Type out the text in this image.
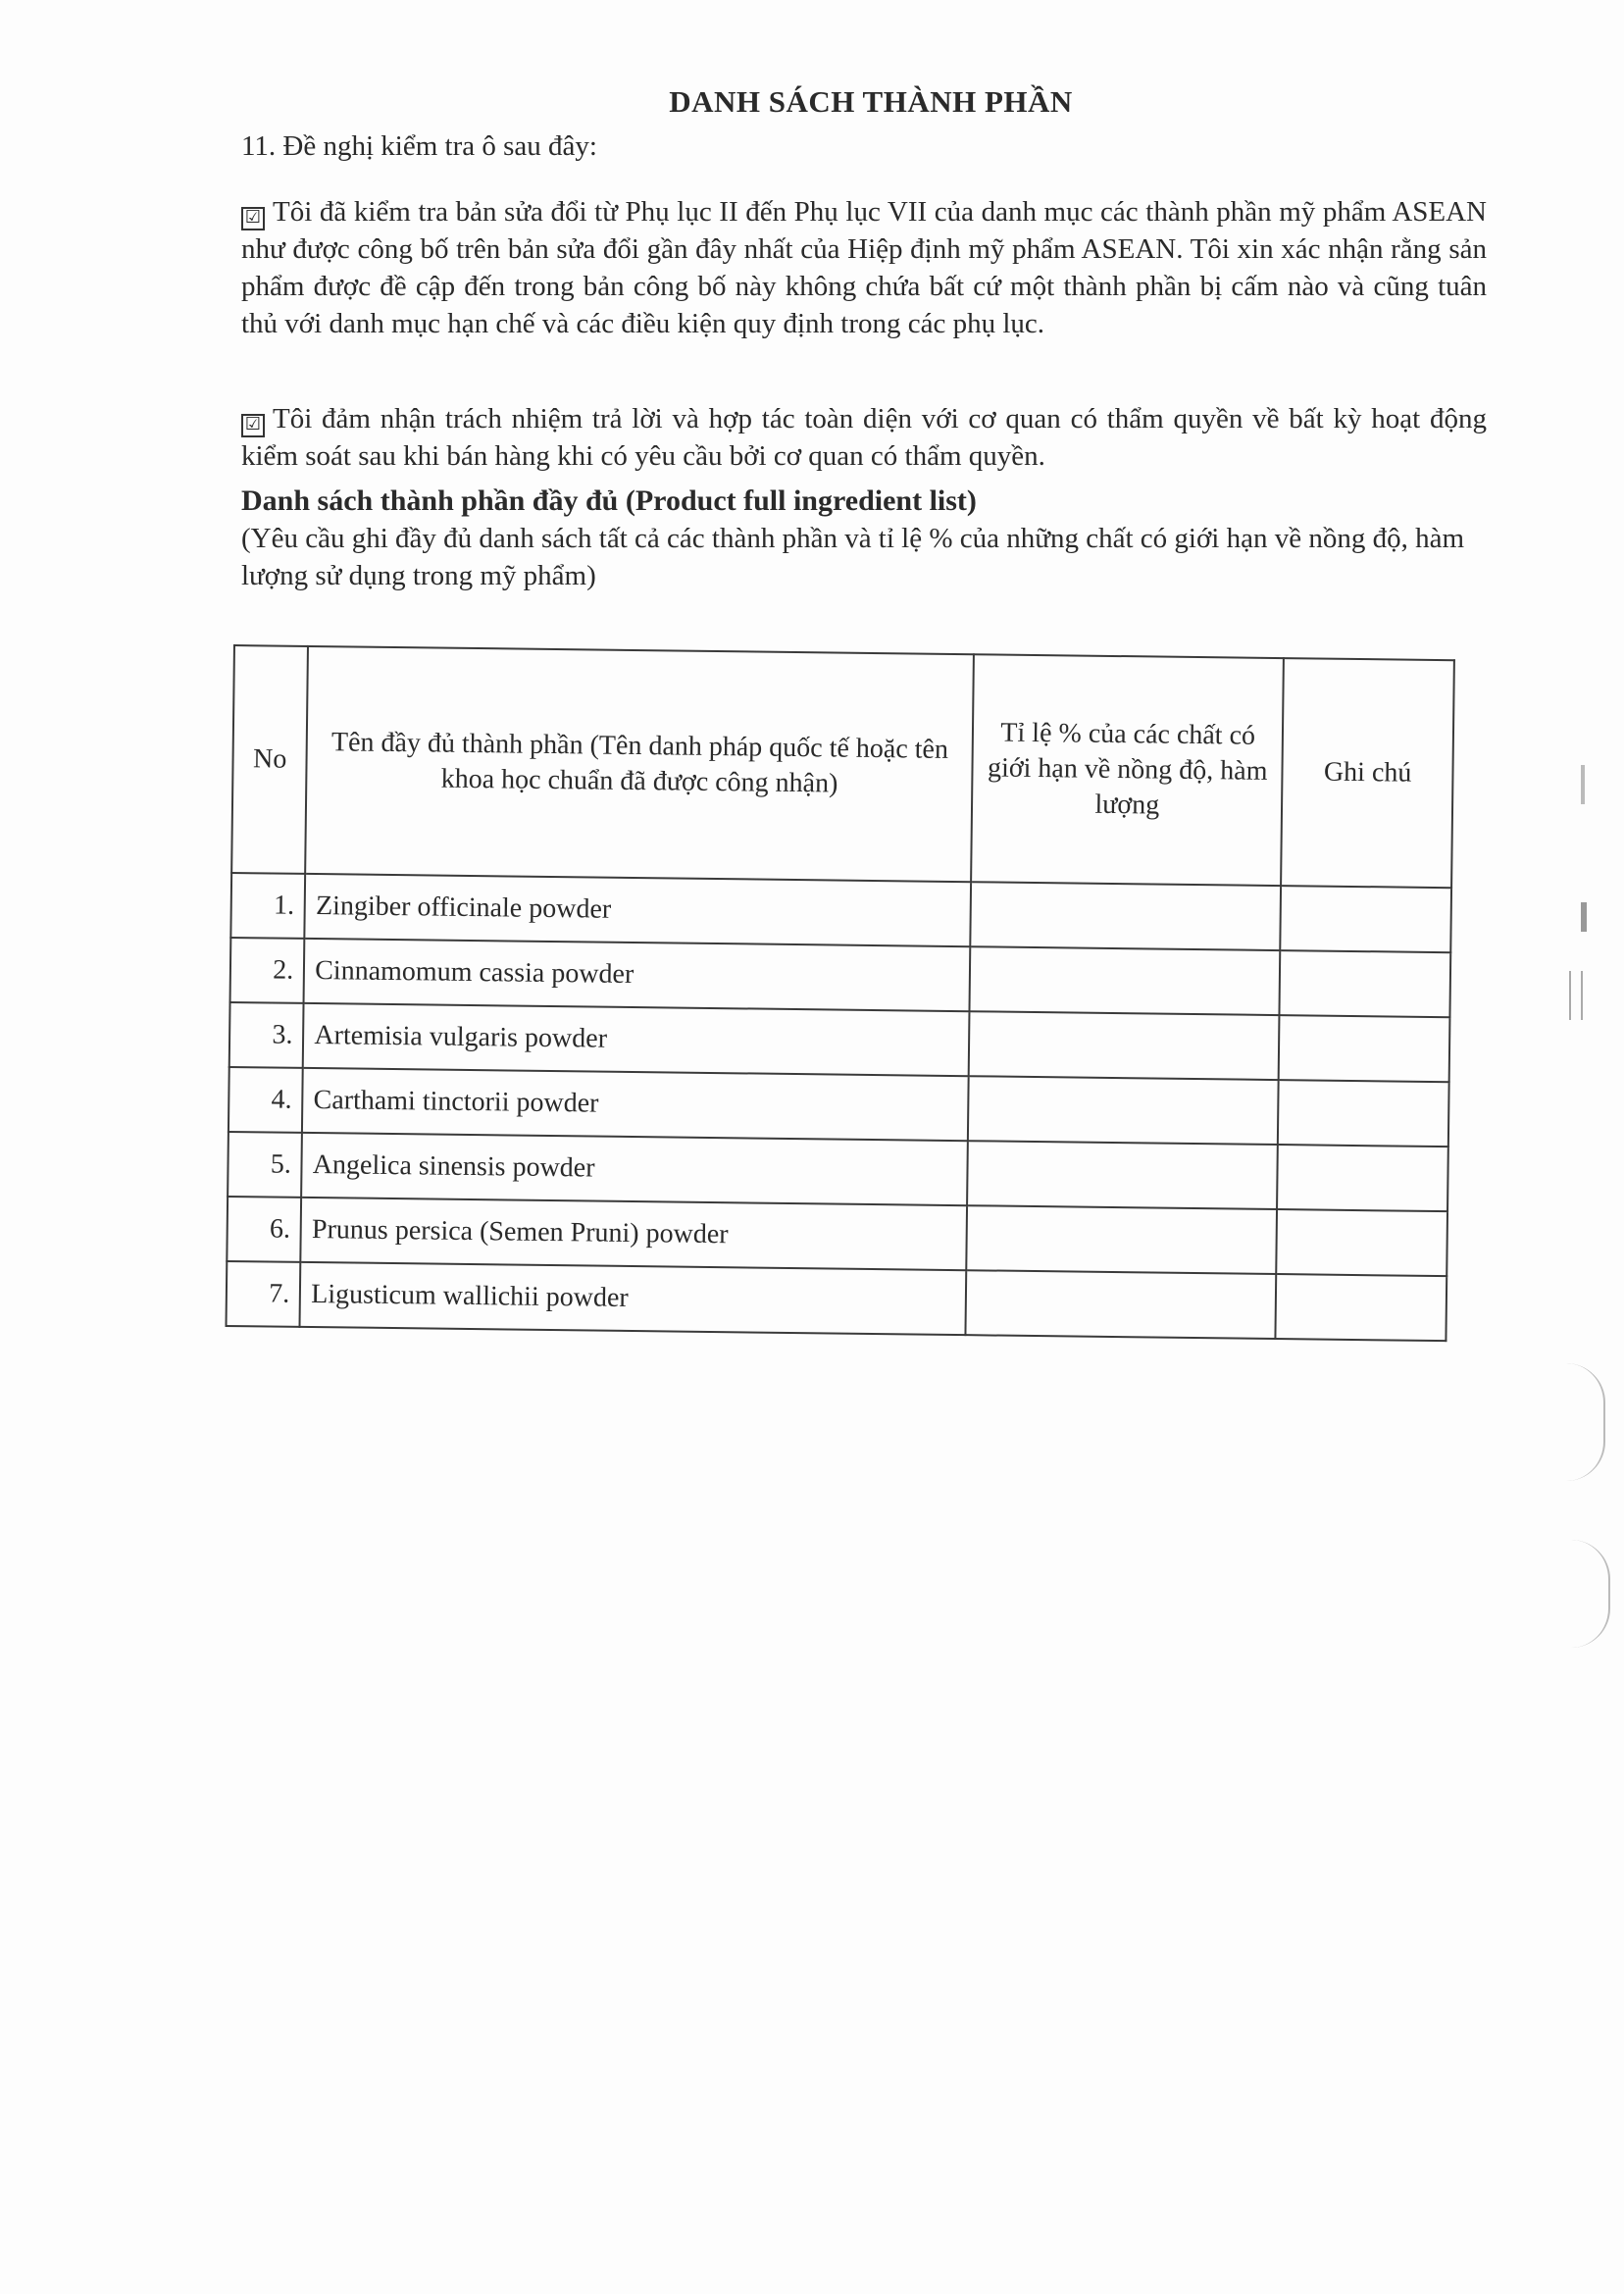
DANH SÁCH THÀNH PHẦN
11. Đề nghị kiểm tra ô sau đây:
☑ Tôi đã kiểm tra bản sửa đổi từ Phụ lục II đến Phụ lục VII của danh mục các thành phần mỹ phẩm ASEAN như được công bố trên bản sửa đổi gần đây nhất của Hiệp định mỹ phẩm ASEAN. Tôi xin xác nhận rằng sản phẩm được đề cập đến trong bản công bố này không chứa bất cứ một thành phần bị cấm nào và cũng tuân thủ với danh mục hạn chế và các điều kiện quy định trong các phụ lục.
☑ Tôi đảm nhận trách nhiệm trả lời và hợp tác toàn diện với cơ quan có thẩm quyền về bất kỳ hoạt động kiểm soát sau khi bán hàng khi có yêu cầu bởi cơ quan có thẩm quyền.
Danh sách thành phần đầy đủ (Product full ingredient list)
(Yêu cầu ghi đầy đủ danh sách tất cả các thành phần và tỉ lệ % của những chất có giới hạn về nồng độ, hàm lượng sử dụng trong mỹ phẩm)
No	Tên đầy đủ thành phần (Tên danh pháp quốc tế hoặc tên khoa học chuẩn đã được công nhận)	Tỉ lệ % của các chất có giới hạn về nồng độ, hàm lượng	Ghi chú
1.	Zingiber officinale powder		
2.	Cinnamomum cassia powder		
3.	Artemisia vulgaris powder		
4.	Carthami tinctorii powder		
5.	Angelica sinensis powder		
6.	Prunus persica (Semen Pruni) powder		
7.	Ligusticum wallichii powder		
